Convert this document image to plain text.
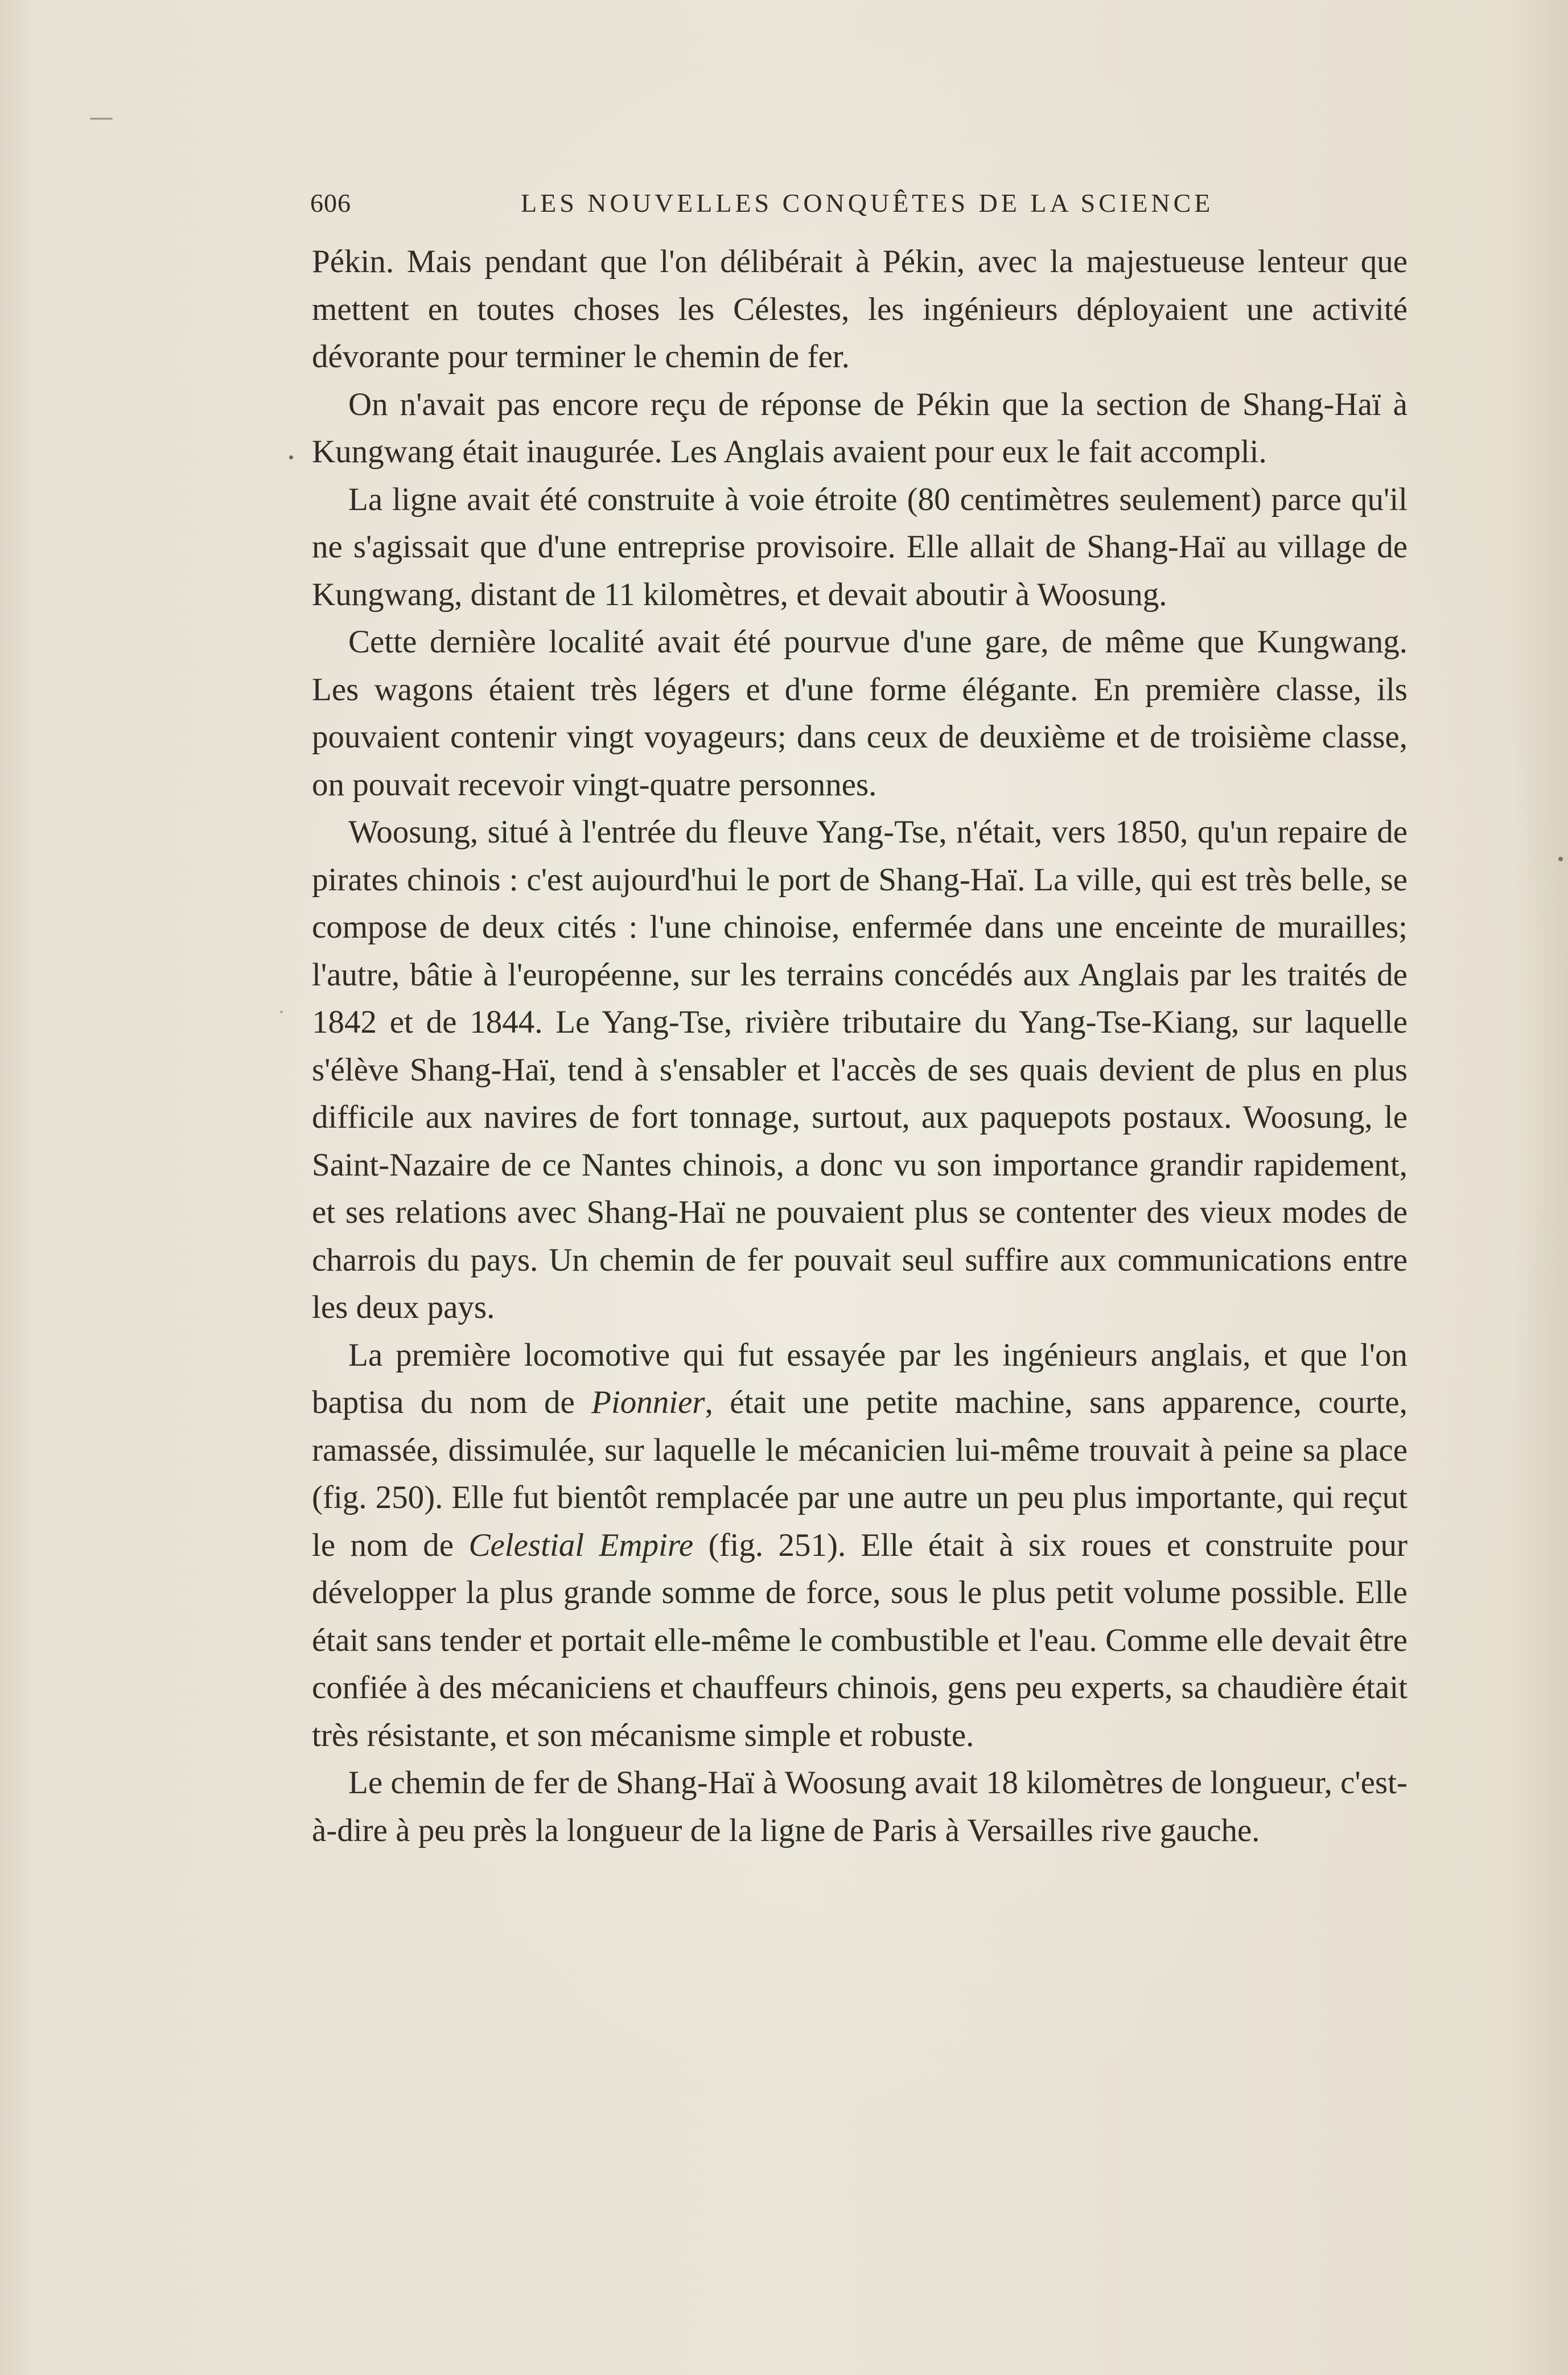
606	LES NOUVELLES CONQUÊTES DE LA SCIENCE

Pékin. Mais pendant que l'on délibérait à Pékin, avec la majestueuse lenteur que mettent en toutes choses les Célestes, les ingénieurs déployaient une activité dévorante pour terminer le chemin de fer.

On n'avait pas encore reçu de réponse de Pékin que la section de Shang-Haï à Kungwang était inaugurée. Les Anglais avaient pour eux le fait accompli.

La ligne avait été construite à voie étroite (80 centimètres seulement) parce qu'il ne s'agissait que d'une entreprise provisoire. Elle allait de Shang-Haï au village de Kungwang, distant de 11 kilomètres, et devait aboutir à Woosung.

Cette dernière localité avait été pourvue d'une gare, de même que Kungwang. Les wagons étaient très légers et d'une forme élégante. En première classe, ils pouvaient contenir vingt voyageurs; dans ceux de deuxième et de troisième classe, on pouvait recevoir vingt-quatre personnes.

Woosung, situé à l'entrée du fleuve Yang-Tse, n'était, vers 1850, qu'un repaire de pirates chinois : c'est aujourd'hui le port de Shang-Haï. La ville, qui est très belle, se compose de deux cités : l'une chinoise, enfermée dans une enceinte de murailles; l'autre, bâtie à l'européenne, sur les terrains concédés aux Anglais par les traités de 1842 et de 1844. Le Yang-Tse, rivière tributaire du Yang-Tse-Kiang, sur laquelle s'élève Shang-Haï, tend à s'ensabler et l'accès de ses quais devient de plus en plus difficile aux navires de fort tonnage, surtout, aux paquepots postaux. Woosung, le Saint-Nazaire de ce Nantes chinois, a donc vu son importance grandir rapidement, et ses relations avec Shang-Haï ne pouvaient plus se contenter des vieux modes de charrois du pays. Un chemin de fer pouvait seul suffire aux communications entre les deux pays.

La première locomotive qui fut essayée par les ingénieurs anglais, et que l'on baptisa du nom de Pionnier, était une petite machine, sans apparence, courte, ramassée, dissimulée, sur laquelle le mécanicien lui-même trouvait à peine sa place (fig. 250). Elle fut bientôt remplacée par une autre un peu plus importante, qui reçut le nom de Celestial Empire (fig. 251). Elle était à six roues et construite pour développer la plus grande somme de force, sous le plus petit volume possible. Elle était sans tender et portait elle-même le combustible et l'eau. Comme elle devait être confiée à des mécaniciens et chauffeurs chinois, gens peu experts, sa chaudière était très résistante, et son mécanisme simple et robuste.

Le chemin de fer de Shang-Haï à Woosung avait 18 kilomètres de longueur, c'est-à-dire à peu près la longueur de la ligne de Paris à Versailles rive gauche.
